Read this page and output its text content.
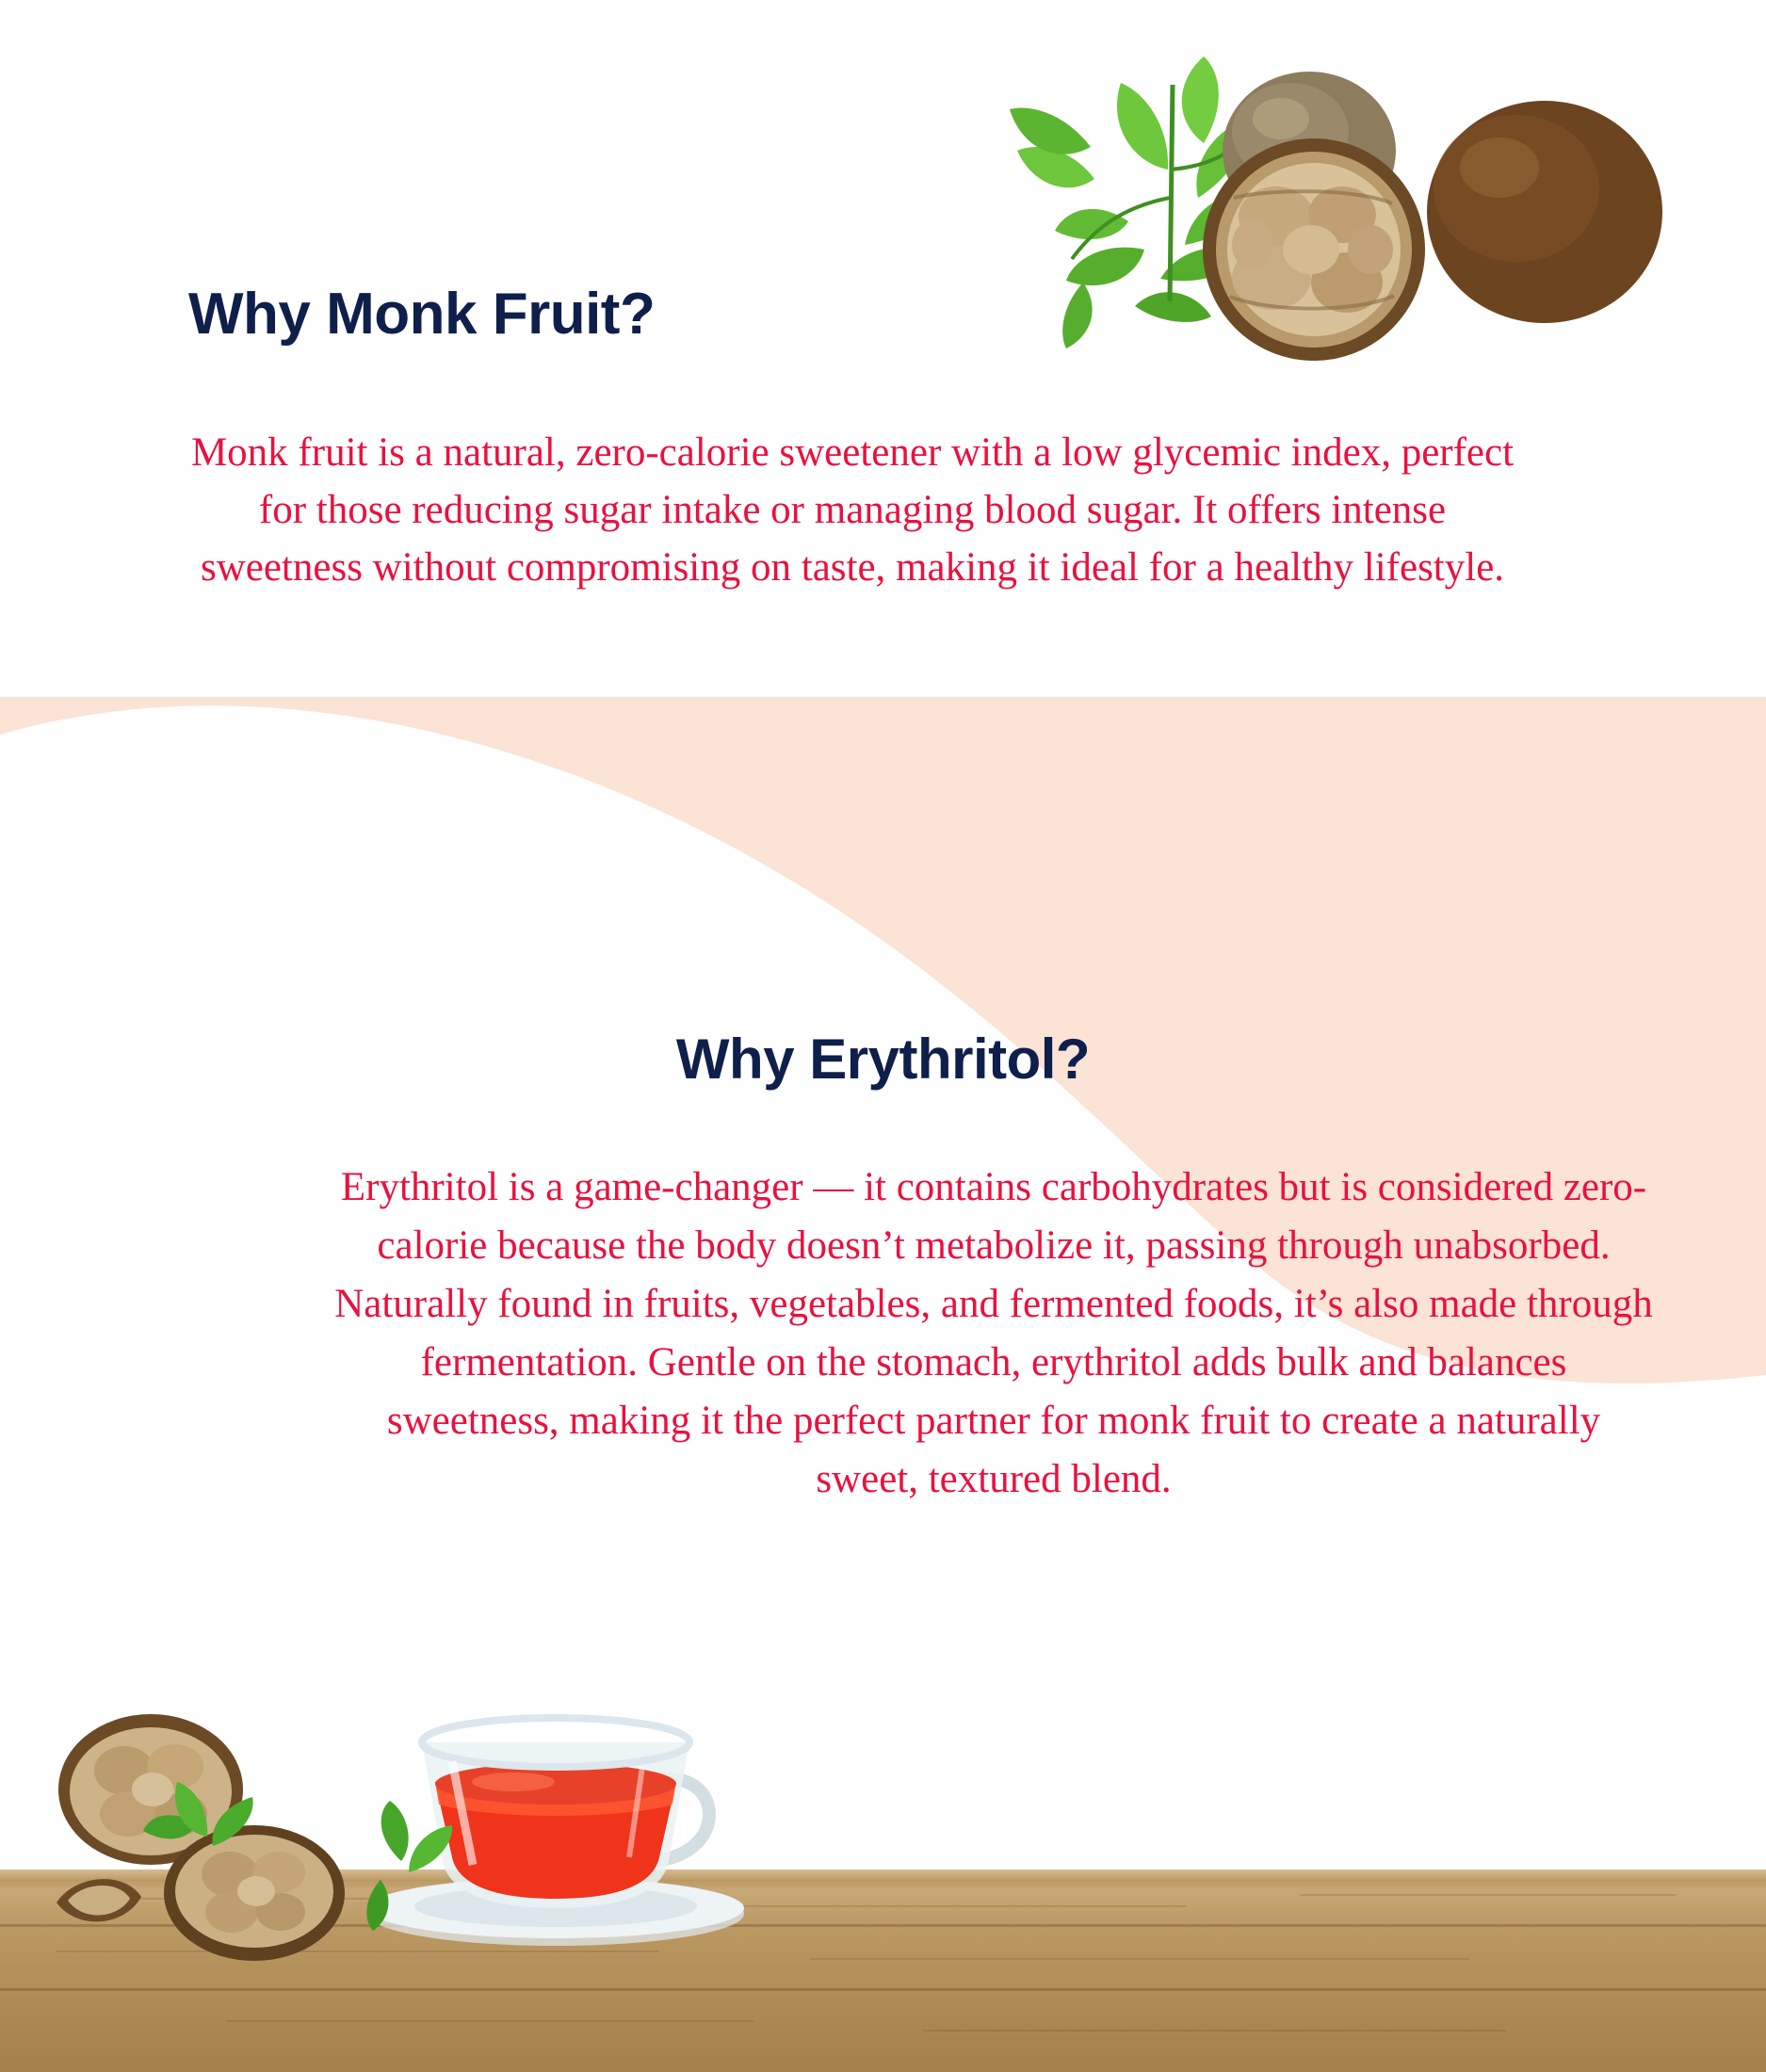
Why Monk Fruit?

Monk fruit is a natural, zero-calorie sweetener with a low glycemic index, perfect for those reducing sugar intake or managing blood sugar. It offers intense sweetness without compromising on taste, making it ideal for a healthy lifestyle.

Why Erythritol?

Erythritol is a game-changer — it contains carbohydrates but is considered zero-calorie because the body doesn’t metabolize it, passing through unabsorbed. Naturally found in fruits, vegetables, and fermented foods, it’s also made through fermentation. Gentle on the stomach, erythritol adds bulk and balances sweetness, making it the perfect partner for monk fruit to create a naturally sweet, textured blend.
